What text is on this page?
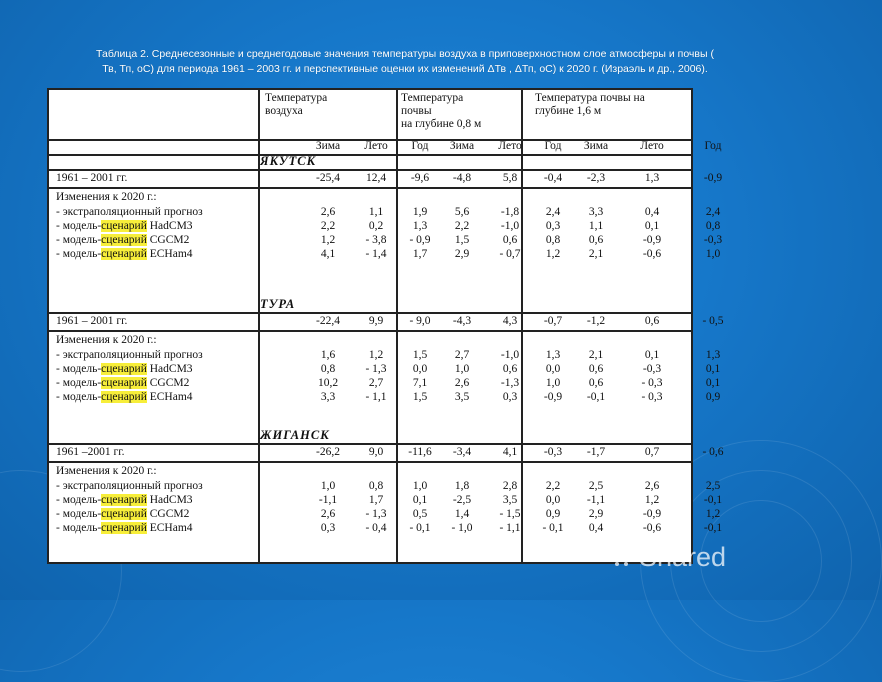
Таблица 2. Среднесезонные и среднегодовые значения температуры воздуха в приповерхностном слое атмосферы и почвы (
Тв, Тп, оС) для периода 1961 – 2003 гг. и перспективные оценки их изменений ΔТв , ΔТп, оС) к 2020 г. (Израэль и др., 2006).
Температура
воздуха
Температура
почвы
на глубине 0,8 м
Температура почвы на
глубине 1,6 м
Зима	Лето	Год	Зима	Лето	Год	Зима	Лето	Год
ЯКУТСК
1961 – 2001 гг.	-25,4	12,4	-9,6	-4,8	5,8	-0,4	-2,3	1,3	-0,9
Изменения к 2020 г.:
- экстраполяционный прогноз	2,6	1,1	1,9	5,6	-1,8	2,4	3,3	0,4	2,4
- модель-сценарий HadCM3	2,2	0,2	1,3	2,2	-1,0	0,3	1,1	0,1	0,8
- модель-сценарий CGCM2	1,2	- 3,8	- 0,9	1,5	0,6	0,8	0,6	-0,9	-0,3
- модель-сценарий ECHam4	4,1	- 1,4	1,7	2,9	- 0,7	1,2	2,1	-0,6	1,0
ТУРА
1961 – 2001 гг.	-22,4	9,9	- 9,0	-4,3	4,3	-0,7	-1,2	0,6	- 0,5
Изменения к 2020 г.:
- экстраполяционный прогноз	1,6	1,2	1,5	2,7	-1,0	1,3	2,1	0,1	1,3
- модель-сценарий HadCM3	0,8	- 1,3	0,0	1,0	0,6	0,0	0,6	-0,3	0,1
- модель-сценарий CGCM2	10,2	2,7	7,1	2,6	-1,3	1,0	0,6	- 0,3	0,1
- модель-сценарий ECHam4	3,3	- 1,1	1,5	3,5	0,3	-0,9	-0,1	- 0,3	0,9
ЖИГАНСК
1961 –2001 гг.	-26,2	9,0	-11,6	-3,4	4,1	-0,3	-1,7	0,7	- 0,6
Изменения к 2020 г.:
- экстраполяционный прогноз	1,0	0,8	1,0	1,8	2,8	2,2	2,5	2,6	2,5
- модель-сценарий HadCM3	-1,1	1,7	0,1	-2,5	3,5	0,0	-1,1	1,2	-0,1
- модель-сценарий CGCM2	2,6	- 1,3	0,5	1,4	- 1,5	0,9	2,9	-0,9	1,2
- модель-сценарий ECHam4	0,3	- 0,4	- 0,1	- 1,0	- 1,1	- 0,1	0,4	-0,6	-0,1
Shared
